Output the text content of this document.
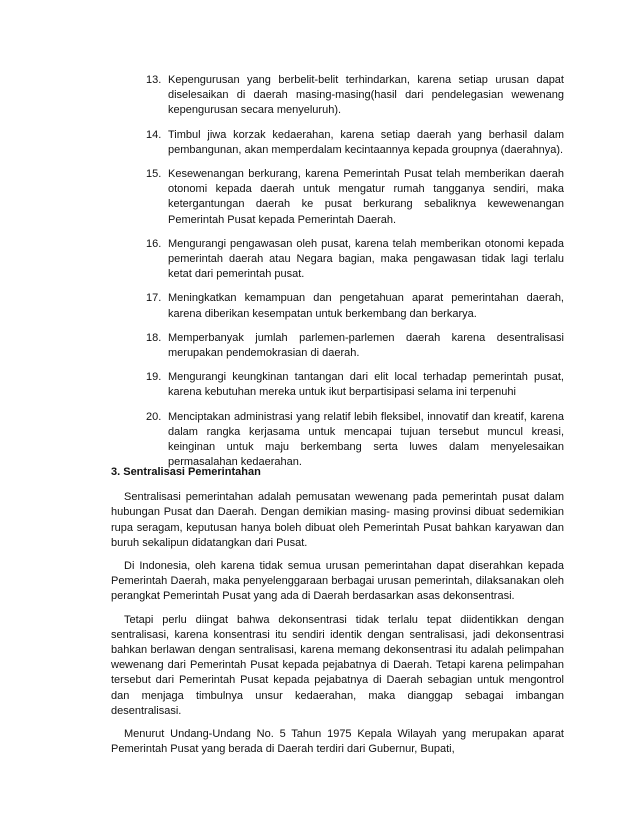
13. Kepengurusan yang berbelit-belit terhindarkan, karena setiap urusan dapat diselesaikan di daerah masing-masing(hasil dari pendelegasian wewenang kepengurusan secara menyeluruh).
14. Timbul jiwa korzak kedaerahan, karena setiap daerah yang berhasil dalam pembangunan, akan memperdalam kecintaannya kepada groupnya (daerahnya).
15. Kesewenangan berkurang, karena Pemerintah Pusat telah memberikan daerah otonomi kepada daerah untuk mengatur rumah tangganya sendiri, maka ketergantungan daerah ke pusat berkurang sebaliknya kewewenangan Pemerintah Pusat kepada Pemerintah Daerah.
16. Mengurangi pengawasan oleh pusat, karena telah memberikan otonomi kepada pemerintah daerah atau Negara bagian, maka pengawasan tidak lagi terlalu ketat dari pemerintah pusat.
17. Meningkatkan kemampuan dan pengetahuan aparat pemerintahan daerah, karena diberikan kesempatan untuk berkembang dan berkarya.
18. Memperbanyak jumlah parlemen-parlemen daerah karena desentralisasi merupakan pendemokrasian di daerah.
19. Mengurangi keungkinan tantangan dari elit local terhadap pemerintah pusat, karena kebutuhan mereka untuk ikut berpartisipasi selama ini terpenuhi
20. Menciptakan administrasi yang relatif lebih fleksibel, innovatif dan kreatif, karena dalam rangka kerjasama untuk mencapai tujuan tersebut muncul kreasi, keinginan untuk maju berkembang serta luwes dalam menyelesaikan permasalahan kedaerahan.
3. Sentralisasi Pemerintahan

Sentralisasi pemerintahan adalah pemusatan wewenang pada pemerintah pusat dalam hubungan Pusat dan Daerah. Dengan demikian masing- masing provinsi dibuat sedemikian rupa seragam, keputusan hanya boleh dibuat oleh Pemerintah Pusat bahkan karyawan dan buruh sekalipun didatangkan dari Pusat.

Di Indonesia, oleh karena tidak semua urusan pemerintahan dapat diserahkan kepada Pemerintah Daerah, maka penyelenggaraan berbagai urusan pemerintah, dilaksanakan oleh perangkat Pemerintah Pusat yang ada di Daerah berdasarkan asas dekonsentrasi.

Tetapi perlu diingat bahwa dekonsentrasi tidak terlalu tepat diidentikkan dengan sentralisasi, karena konsentrasi itu sendiri identik dengan sentralisasi, jadi dekonsentrasi bahkan berlawan dengan sentralisasi, karena memang dekonsentrasi itu adalah pelimpahan wewenang dari Pemerintah Pusat kepada pejabatnya di Daerah. Tetapi karena pelimpahan tersebut dari Pemerintah Pusat kepada pejabatnya di Daerah sebagian untuk mengontrol dan menjaga timbulnya unsur kedaerahan, maka dianggap sebagai imbangan desentralisasi.

Menurut Undang-Undang No. 5 Tahun 1975 Kepala Wilayah yang merupakan aparat Pemerintah Pusat yang berada di Daerah terdiri dari Gubernur, Bupati,
